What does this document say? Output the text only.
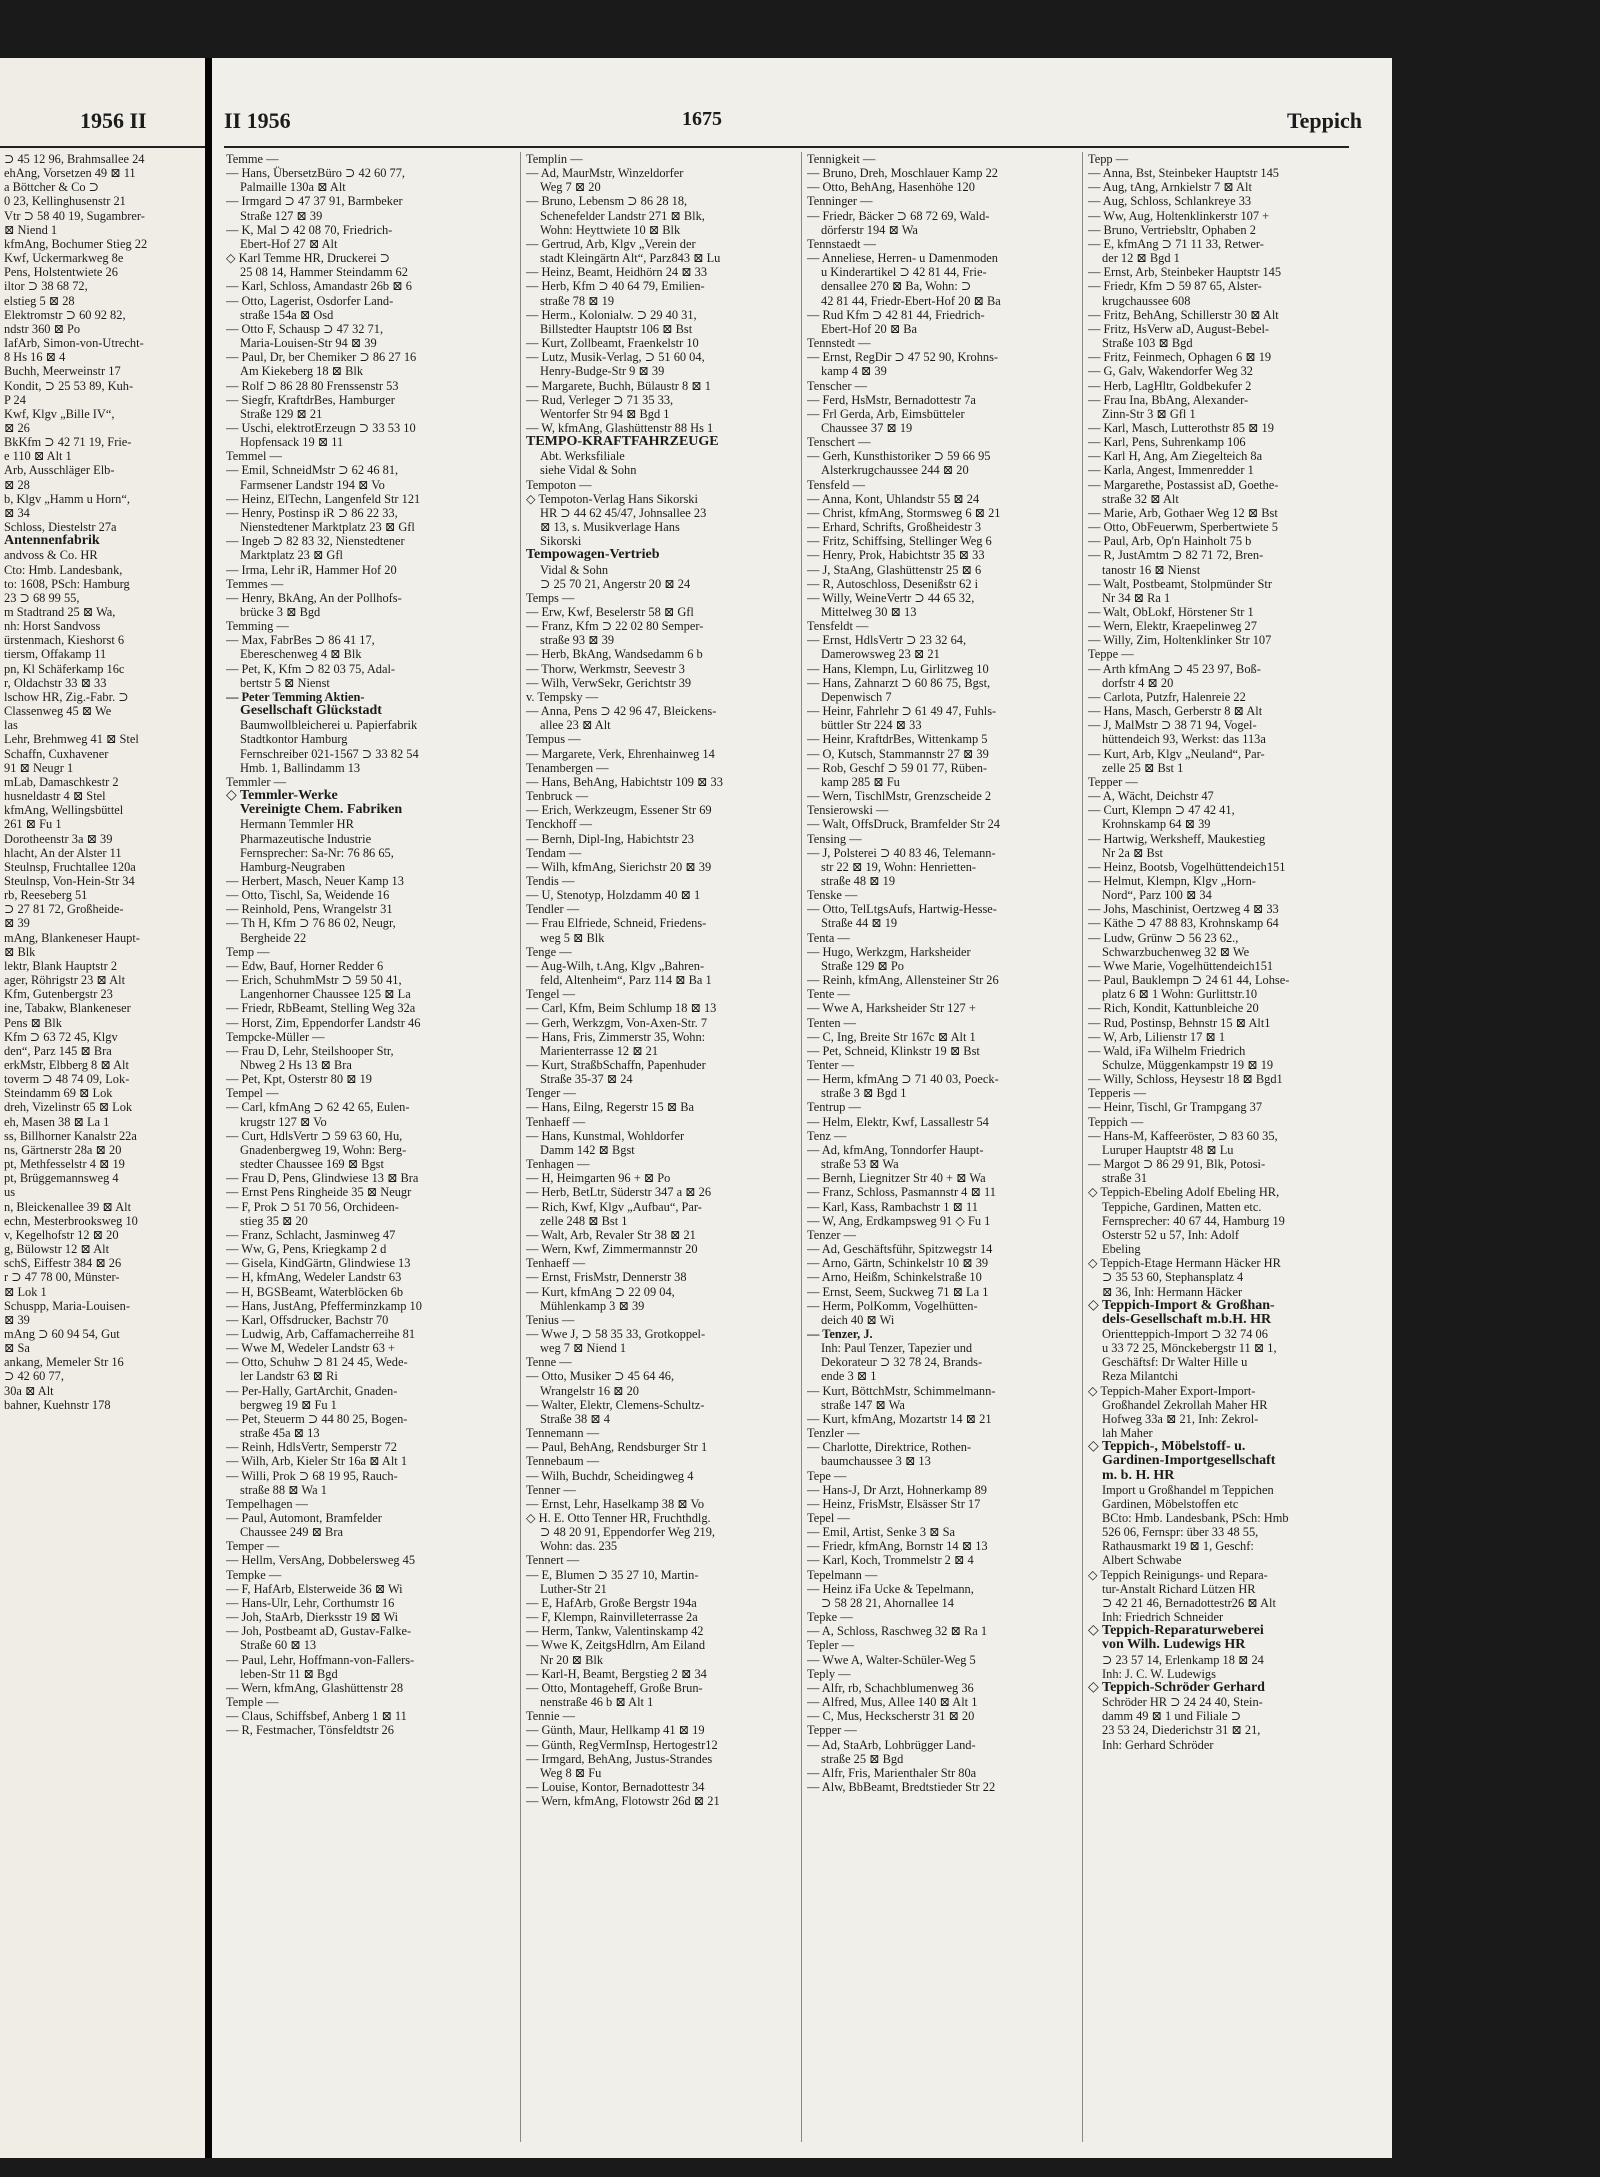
1956 II
⊃ 45 12 96, Brahmsallee 24
ehAng, Vorsetzen 49 ⊠ 11
a Böttcher & Co ⊃
0 23, Kellinghusenstr 21
Vtr ⊃ 58 40 19, Sugambrer-
⊠ Niend 1
kfmAng, Bochumer Stieg 22
Kwf, Uckermarkweg 8e
Pens, Holstentwiete 26
iltor ⊃ 38 68 72,
elstieg 5 ⊠ 28
Elektromstr ⊃ 60 92 82,
ndstr 360 ⊠ Po
IafArb, Simon-von-Utrecht-
8 Hs 16 ⊠ 4
Buchh, Meerweinstr 17
Kondit, ⊃ 25 53 89, Kuh-
P 24
Kwf, Klgv „Bille IV“,
⊠ 26
BkKfm ⊃ 42 71 19, Frie-
e 110 ⊠ Alt 1
Arb, Ausschläger Elb-
⊠ 28
b, Klgv „Hamm u Horn“,
⊠ 34
Schloss, Diestelstr 27a
Antennenfabrik
andvoss & Co. HR
Cto: Hmb. Landesbank,
to: 1608, PSch: Hamburg
23 ⊃ 68 99 55,
m Stadtrand 25 ⊠ Wa,
nh: Horst Sandvoss
ürstenmach, Kieshorst 6
tiersm, Offakamp 11
pn, Kl Schäferkamp 16c
r, Oldachstr 33 ⊠ 33
lschow HR, Zig.-Fabr. ⊃
Classenweg 45 ⊠ We
las
Lehr, Brehmweg 41 ⊠ Stel
Schaffn, Cuxhavener
91 ⊠ Neugr 1
mLab, Damaschkestr 2
husneldastr 4 ⊠ Stel
kfmAng, Wellingsbüttel
261 ⊠ Fu 1
Dorotheenstr 3a ⊠ 39
hlacht, An der Alster 11
Steulnsp, Fruchtallee 120a
Steulnsp, Von-Hein-Str 34
rb, Reeseberg 51
⊃ 27 81 72, Großheide-
⊠ 39
mAng, Blankeneser Haupt-
⊠ Blk
lektr, Blank Hauptstr 2
ager, Röhrigstr 23 ⊠ Alt
Kfm, Gutenbergstr 23
ine, Tabakw, Blankeneser
Pens ⊠ Blk
Kfm ⊃ 63 72 45, Klgv
den“, Parz 145 ⊠ Bra
erkMstr, Elbberg 8 ⊠ Alt
toverm ⊃ 48 74 09, Lok-
Steindamm 69 ⊠ Lok
dreh, Vizelinstr 65 ⊠ Lok
eh, Masen 38 ⊠ La 1
ss, Billhorner Kanalstr 22a
ns, Gärtnerstr 28a ⊠ 20
pt, Methfesselstr 4 ⊠ 19
pt, Brüggemannsweg 4
us
n, Bleickenallee 39 ⊠ Alt
echn, Mesterbrooksweg 10
v, Kegelhofstr 12 ⊠ 20
g, Bülowstr 12 ⊠ Alt
schS, Eiffestr 384 ⊠ 26
r ⊃ 47 78 00, Münster-
⊠ Lok 1
Schuspp, Maria-Louisen-
⊠ 39
mAng ⊃ 60 94 54, Gut
⊠ Sa
ankang, Memeler Str 16
⊃ 42 60 77,
30a ⊠ Alt
bahner, Kuehnstr 178
II 1956	1675	Teppich
Temme —
— Hans, ÜbersetzBüro ⊃ 42 60 77,
Palmaille 130a ⊠ Alt
— Irmgard ⊃ 47 37 91, Barmbeker
Straße 127 ⊠ 39
— K, Mal ⊃ 42 08 70, Friedrich-
Ebert-Hof 27 ⊠ Alt
◇ Karl Temme HR, Druckerei ⊃
25 08 14, Hammer Steindamm 62
— Karl, Schloss, Amandastr 26b ⊠ 6
— Otto, Lagerist, Osdorfer Land-
straße 154a ⊠ Osd
— Otto F, Schausp ⊃ 47 32 71,
Maria-Louisen-Str 94 ⊠ 39
— Paul, Dr, ber Chemiker ⊃ 86 27 16
Am Kiekeberg 18 ⊠ Blk
— Rolf ⊃ 86 28 80 Frenssenstr 53
— Siegfr, KraftdrBes, Hamburger
Straße 129 ⊠ 21
— Uschi, elektrotErzeugn ⊃ 33 53 10
Hopfensack 19 ⊠ 11
Temmel —
— Emil, SchneidMstr ⊃ 62 46 81,
Farmsener Landstr 194 ⊠ Vo
— Heinz, ElTechn, Langenfeld Str 121
— Henry, Postinsp iR ⊃ 86 22 33,
Nienstedtener Marktplatz 23 ⊠ Gfl
— Ingeb ⊃ 82 83 32, Nienstedtener
Marktplatz 23 ⊠ Gfl
— Irma, Lehr iR, Hammer Hof 20
Temmes —
— Henry, BkAng, An der Pollhofs-
brücke 3 ⊠ Bgd
Temming —
— Max, FabrBes ⊃ 86 41 17,
Ebereschenweg 4 ⊠ Blk
— Pet, K, Kfm ⊃ 82 03 75, Adal-
bertstr 5 ⊠ Nienst
— Peter Temming Aktien-
Gesellschaft Glückstadt
Baumwollbleicherei u. Papierfabrik
Stadtkontor Hamburg
Fernschreiber 021-1567 ⊃ 33 82 54
Hmb. 1, Ballindamm 13
Temmler —
◇ Temmler-Werke
Vereinigte Chem. Fabriken
Hermann Temmler HR
Pharmazeutische Industrie
Fernsprecher: Sa-Nr: 76 86 65,
Hamburg-Neugraben
— Herbert, Masch, Neuer Kamp 13
— Otto, Tischl, Sa, Weidende 16
— Reinhold, Pens, Wrangelstr 31
— Th H, Kfm ⊃ 76 86 02, Neugr,
Bergheide 22
Temp —
— Edw, Bauf, Horner Redder 6
— Erich, SchuhmMstr ⊃ 59 50 41,
Langenhorner Chaussee 125 ⊠ La
— Friedr, RbBeamt, Stelling Weg 32a
— Horst, Zim, Eppendorfer Landstr 46
Tempcke-Müller —
— Frau D, Lehr, Steilshooper Str,
Nbweg 2 Hs 13 ⊠ Bra
— Pet, Kpt, Osterstr 80 ⊠ 19
Tempel —
— Carl, kfmAng ⊃ 62 42 65, Eulen-
krugstr 127 ⊠ Vo
— Curt, HdlsVertr ⊃ 59 63 60, Hu,
Gnadenbergweg 19, Wohn: Berg-
stedter Chaussee 169 ⊠ Bgst
— Frau D, Pens, Glindwiese 13 ⊠ Bra
— Ernst Pens Ringheide 35 ⊠ Neugr
— F, Prok ⊃ 51 70 56, Orchideen-
stieg 35 ⊠ 20
— Franz, Schlacht, Jasminweg 47
— Ww, G, Pens, Kriegkamp 2 d
— Gisela, KindGärtn, Glindwiese 13
— H, kfmAng, Wedeler Landstr 63
— H, BGSBeamt, Waterblöcken 6b
— Hans, JustAng, Pfefferminzkamp 10
— Karl, Offsdrucker, Bachstr 70
— Ludwig, Arb, Caffamacherreihe 81
— Wwe M, Wedeler Landstr 63 +
— Otto, Schuhw ⊃ 81 24 45, Wede-
ler Landstr 63 ⊠ Ri
— Per-Hally, GartArchit, Gnaden-
bergweg 19 ⊠ Fu 1
— Pet, Steuerm ⊃ 44 80 25, Bogen-
straße 45a ⊠ 13
— Reinh, HdlsVertr, Semperstr 72
— Wilh, Arb, Kieler Str 16a ⊠ Alt 1
— Willi, Prok ⊃ 68 19 95, Rauch-
straße 88 ⊠ Wa 1
Tempelhagen —
— Paul, Automont, Bramfelder
Chaussee 249 ⊠ Bra
Temper —
— Hellm, VersAng, Dobbelersweg 45
Tempke —
— F, HafArb, Elsterweide 36 ⊠ Wi
— Hans-Ulr, Lehr, Corthumstr 16
— Joh, StaArb, Dierksstr 19 ⊠ Wi
— Joh, Postbeamt aD, Gustav-Falke-
Straße 60 ⊠ 13
— Paul, Lehr, Hoffmann-von-Fallers-
leben-Str 11 ⊠ Bgd
— Wern, kfmAng, Glashüttenstr 28
Temple —
— Claus, Schiffsbef, Anberg 1 ⊠ 11
— R, Festmacher, Tönsfeldtstr 26
Templin —
— Ad, MaurMstr, Winzeldorfer
Weg 7 ⊠ 20
— Bruno, Lebensm ⊃ 86 28 18,
Schenefelder Landstr 271 ⊠ Blk,
Wohn: Heyttwiete 10 ⊠ Blk
— Gertrud, Arb, Klgv „Verein der
stadt Kleingärtn Alt“, Parz843 ⊠ Lu
— Heinz, Beamt, Heidhörn 24 ⊠ 33
— Herb, Kfm ⊃ 40 64 79, Emilien-
straße 78 ⊠ 19
— Herm., Kolonialw. ⊃ 29 40 31,
Billstedter Hauptstr 106 ⊠ Bst
— Kurt, Zollbeamt, Fraenkelstr 10
— Lutz, Musik-Verlag, ⊃ 51 60 04,
Henry-Budge-Str 9 ⊠ 39
— Margarete, Buchh, Bülaustr 8 ⊠ 1
— Rud, Verleger ⊃ 71 35 33,
Wentorfer Str 94 ⊠ Bgd 1
— W, kfmAng, Glashüttenstr 88 Hs 1
TEMPO-KRAFTFAHRZEUGE
Abt. Werksfiliale
siehe Vidal & Sohn
Tempoton —
◇ Tempoton-Verlag Hans Sikorski
HR ⊃ 44 62 45/47, Johnsallee 23
⊠ 13, s. Musikverlage Hans
Sikorski
Tempowagen-Vertrieb
Vidal & Sohn
⊃ 25 70 21, Angerstr 20 ⊠ 24
Temps —
— Erw, Kwf, Beselerstr 58 ⊠ Gfl
— Franz, Kfm ⊃ 22 02 80 Semper-
straße 93 ⊠ 39
— Herb, BkAng, Wandsedamm 6 b
— Thorw, Werkmstr, Seevestr 3
— Wilh, VerwSekr, Gerichtstr 39
v. Tempsky —
— Anna, Pens ⊃ 42 96 47, Bleickens-
allee 23 ⊠ Alt
Tempus —
— Margarete, Verk, Ehrenhainweg 14
Tenambergen —
— Hans, BehAng, Habichtstr 109 ⊠ 33
Tenbruck —
— Erich, Werkzeugm, Essener Str 69
Tenckhoff —
— Bernh, Dipl-Ing, Habichtstr 23
Tendam —
— Wilh, kfmAng, Sierichstr 20 ⊠ 39
Tendis —
— U, Stenotyp, Holzdamm 40 ⊠ 1
Tendler —
— Frau Elfriede, Schneid, Friedens-
weg 5 ⊠ Blk
Tenge —
— Aug-Wilh, t.Ang, Klgv „Bahren-
feld, Altenheim“, Parz 114 ⊠ Ba 1
Tengel —
— Carl, Kfm, Beim Schlump 18 ⊠ 13
— Gerh, Werkzgm, Von-Axen-Str. 7
— Hans, Fris, Zimmerstr 35, Wohn:
Marienterrasse 12 ⊠ 21
— Kurt, StraßbSchaffn, Papenhuder
Straße 35-37 ⊠ 24
Tenger —
— Hans, Eilng, Regerstr 15 ⊠ Ba
Tenhaeff —
— Hans, Kunstmal, Wohldorfer
Damm 142 ⊠ Bgst
Tenhagen —
— H, Heimgarten 96 + ⊠ Po
— Herb, BetLtr, Süderstr 347 a ⊠ 26
— Rich, Kwf, Klgv „Aufbau“, Par-
zelle 248 ⊠ Bst 1
— Walt, Arb, Revaler Str 38 ⊠ 21
— Wern, Kwf, Zimmermannstr 20
Tenhaeff —
— Ernst, FrisMstr, Dennerstr 38
— Kurt, kfmAng ⊃ 22 09 04,
Mühlenkamp 3 ⊠ 39
Tenius —
— Wwe J, ⊃ 58 35 33, Grotkoppel-
weg 7 ⊠ Niend 1
Tenne —
— Otto, Musiker ⊃ 45 64 46,
Wrangelstr 16 ⊠ 20
— Walter, Elektr, Clemens-Schultz-
Straße 38 ⊠ 4
Tennemann —
— Paul, BehAng, Rendsburger Str 1
Tennebaum —
— Wilh, Buchdr, Scheidingweg 4
Tenner —
— Ernst, Lehr, Haselkamp 38 ⊠ Vo
◇ H. E. Otto Tenner HR, Fruchthdlg.
⊃ 48 20 91, Eppendorfer Weg 219,
Wohn: das. 235
Tennert —
— E, Blumen ⊃ 35 27 10, Martin-
Luther-Str 21
— E, HafArb, Große Bergstr 194a
— F, Klempn, Rainvilleterrasse 2a
— Herm, Tankw, Valentinskamp 42
— Wwe K, ZeitgsHdlrn, Am Eiland
Nr 20 ⊠ Blk
— Karl-H, Beamt, Bergstieg 2 ⊠ 34
— Otto, Montageheff, Große Brun-
nenstraße 46 b ⊠ Alt 1
Tennie —
— Günth, Maur, Hellkamp 41 ⊠ 19
— Günth, RegVermInsp, Hertogestr12
— Irmgard, BehAng, Justus-Strandes
Weg 8 ⊠ Fu
— Louise, Kontor, Bernadottestr 34
— Wern, kfmAng, Flotowstr 26d ⊠ 21
Tennigkeit —
— Bruno, Dreh, Moschlauer Kamp 22
— Otto, BehAng, Hasenhöhe 120
Tenninger —
— Friedr, Bäcker ⊃ 68 72 69, Wald-
dörferstr 194 ⊠ Wa
Tennstaedt —
— Anneliese, Herren- u Damenmoden
u Kinderartikel ⊃ 42 81 44, Frie-
densallee 270 ⊠ Ba, Wohn: ⊃
42 81 44, Friedr-Ebert-Hof 20 ⊠ Ba
— Rud Kfm ⊃ 42 81 44, Friedrich-
Ebert-Hof 20 ⊠ Ba
Tennstedt —
— Ernst, RegDir ⊃ 47 52 90, Krohns-
kamp 4 ⊠ 39
Tenscher —
— Ferd, HsMstr, Bernadottestr 7a
— Frl Gerda, Arb, Eimsbütteler
Chaussee 37 ⊠ 19
Tenschert —
— Gerh, Kunsthistoriker ⊃ 59 66 95
Alsterkrugchaussee 244 ⊠ 20
Tensfeld —
— Anna, Kont, Uhlandstr 55 ⊠ 24
— Christ, kfmAng, Stormsweg 6 ⊠ 21
— Erhard, Schrifts, Großheidestr 3
— Fritz, Schiffsing, Stellinger Weg 6
— Henry, Prok, Habichtstr 35 ⊠ 33
— J, StaAng, Glashüttenstr 25 ⊠ 6
— R, Autoschloss, Desenißstr 62 i
— Willy, WeineVertr ⊃ 44 65 32,
Mittelweg 30 ⊠ 13
Tensfeldt —
— Ernst, HdlsVertr ⊃ 23 32 64,
Damerowsweg 23 ⊠ 21
— Hans, Klempn, Lu, Girlitzweg 10
— Hans, Zahnarzt ⊃ 60 86 75, Bgst,
Depenwisch 7
— Heinr, Fahrlehr ⊃ 61 49 47, Fuhls-
büttler Str 224 ⊠ 33
— Heinr, KraftdrBes, Wittenkamp 5
— O, Kutsch, Stammannstr 27 ⊠ 39
— Rob, Geschf ⊃ 59 01 77, Rüben-
kamp 285 ⊠ Fu
— Wern, TischlMstr, Grenzscheide 2
Tensierowski —
— Walt, OffsDruck, Bramfelder Str 24
Tensing —
— J, Polsterei ⊃ 40 83 46, Telemann-
str 22 ⊠ 19, Wohn: Henrietten-
straße 48 ⊠ 19
Tenske —
— Otto, TelLtgsAufs, Hartwig-Hesse-
Straße 44 ⊠ 19
Tenta —
— Hugo, Werkzgm, Harksheider
Straße 129 ⊠ Po
— Reinh, kfmAng, Allensteiner Str 26
Tente —
— Wwe A, Harksheider Str 127 +
Tenten —
— C, Ing, Breite Str 167c ⊠ Alt 1
— Pet, Schneid, Klinkstr 19 ⊠ Bst
Tenter —
— Herm, kfmAng ⊃ 71 40 03, Poeck-
straße 3 ⊠ Bgd 1
Tentrup —
— Helm, Elektr, Kwf, Lassallestr 54
Tenz —
— Ad, kfmAng, Tonndorfer Haupt-
straße 53 ⊠ Wa
— Bernh, Liegnitzer Str 40 + ⊠ Wa
— Franz, Schloss, Pasmannstr 4 ⊠ 11
— Karl, Kass, Rambachstr 1 ⊠ 11
— W, Ang, Erdkampsweg 91 ◇ Fu 1
Tenzer —
— Ad, Geschäftsführ, Spitzwegstr 14
— Arno, Gärtn, Schinkelstr 10 ⊠ 39
— Arno, Heißm, Schinkelstraße 10
— Ernst, Seem, Suckweg 71 ⊠ La 1
— Herm, PolKomm, Vogelhütten-
deich 40 ⊠ Wi
— Tenzer, J.
Inh: Paul Tenzer, Tapezier und
Dekorateur ⊃ 32 78 24, Brands-
ende 3 ⊠ 1
— Kurt, BöttchMstr, Schimmelmann-
straße 147 ⊠ Wa
— Kurt, kfmAng, Mozartstr 14 ⊠ 21
Tenzler —
— Charlotte, Direktrice, Rothen-
baumchaussee 3 ⊠ 13
Tepe —
— Hans-J, Dr Arzt, Hohnerkamp 89
— Heinz, FrisMstr, Elsässer Str 17
Tepel —
— Emil, Artist, Senke 3 ⊠ Sa
— Friedr, kfmAng, Bornstr 14 ⊠ 13
— Karl, Koch, Trommelstr 2 ⊠ 4
Tepelmann —
— Heinz iFa Ucke & Tepelmann,
⊃ 58 28 21, Ahornallee 14
Tepke —
— A, Schloss, Raschweg 32 ⊠ Ra 1
Tepler —
— Wwe A, Walter-Schüler-Weg 5
Teply —
— Alfr, rb, Schachblumenweg 36
— Alfred, Mus, Allee 140 ⊠ Alt 1
— C, Mus, Heckscherstr 31 ⊠ 20
Tepper —
— Ad, StaArb, Lohbrügger Land-
straße 25 ⊠ Bgd
— Alfr, Fris, Marienthaler Str 80a
— Alw, BbBeamt, Bredtstieder Str 22
Tepp —
— Anna, Bst, Steinbeker Hauptstr 145
— Aug, tAng, Arnkielstr 7 ⊠ Alt
— Aug, Schloss, Schlankreye 33
— Ww, Aug, Holtenklinkerstr 107 +
— Bruno, Vertriebsltr, Ophaben 2
— E, kfmAng ⊃ 71 11 33, Retwer-
der 12 ⊠ Bgd 1
— Ernst, Arb, Steinbeker Hauptstr 145
— Friedr, Kfm ⊃ 59 87 65, Alster-
krugchaussee 608
— Fritz, BehAng, Schillerstr 30 ⊠ Alt
— Fritz, HsVerw aD, August-Bebel-
Straße 103 ⊠ Bgd
— Fritz, Feinmech, Ophagen 6 ⊠ 19
— G, Galv, Wakendorfer Weg 32
— Herb, LagHltr, Goldbekufer 2
— Frau Ina, BbAng, Alexander-
Zinn-Str 3 ⊠ Gfl 1
— Karl, Masch, Lutterothstr 85 ⊠ 19
— Karl, Pens, Suhrenkamp 106
— Karl H, Ang, Am Ziegelteich 8a
— Karla, Angest, Immenredder 1
— Margarethe, Postassist aD, Goethe-
straße 32 ⊠ Alt
— Marie, Arb, Gothaer Weg 12 ⊠ Bst
— Otto, ObFeuerwm, Sperbertwiete 5
— Paul, Arb, Op'n Hainholt 75 b
— R, JustAmtm ⊃ 82 71 72, Bren-
tanostr 16 ⊠ Nienst
— Walt, Postbeamt, Stolpmünder Str
Nr 34 ⊠ Ra 1
— Walt, ObLokf, Hörstener Str 1
— Wern, Elektr, Kraepelinweg 27
— Willy, Zim, Holtenklinker Str 107
Teppe —
— Arth kfmAng ⊃ 45 23 97, Boß-
dorfstr 4 ⊠ 20
— Carlota, Putzfr, Halenreie 22
— Hans, Masch, Gerberstr 8 ⊠ Alt
— J, MalMstr ⊃ 38 71 94, Vogel-
hüttendeich 93, Werkst: das 113a
— Kurt, Arb, Klgv „Neuland“, Par-
zelle 25 ⊠ Bst 1
Tepper —
— A, Wächt, Deichstr 47
— Curt, Klempn ⊃ 47 42 41,
Krohnskamp 64 ⊠ 39
— Hartwig, Werksheff, Maukestieg
Nr 2a ⊠ Bst
— Heinz, Bootsb, Vogelhüttendeich151
— Helmut, Klempn, Klgv „Horn-
Nord“, Parz 100 ⊠ 34
— Johs, Maschinist, Oertzweg 4 ⊠ 33
— Käthe ⊃ 47 88 83, Krohnskamp 64
— Ludw, Grünw ⊃ 56 23 62.,
Schwarzbuchenweg 32 ⊠ We
— Wwe Marie, Vogelhüttendeich151
— Paul, Bauklempn ⊃ 24 61 44, Lohse-
platz 6 ⊠ 1 Wohn: Gurlittstr.10
— Rich, Kondit, Kattunbleiche 20
— Rud, Postinsp, Behnstr 15 ⊠ Alt1
— W, Arb, Lilienstr 17 ⊠ 1
— Wald, iFa Wilhelm Friedrich
Schulze, Müggenkampstr 19 ⊠ 19
— Willy, Schloss, Heysestr 18 ⊠ Bgd1
Tepperis —
— Heinr, Tischl, Gr Trampgang 37
Teppich —
— Hans-M, Kaffeeröster, ⊃ 83 60 35,
Luruper Hauptstr 48 ⊠ Lu
— Margot ⊃ 86 29 91, Blk, Potosi-
straße 31
◇ Teppich-Ebeling Adolf Ebeling HR,
Teppiche, Gardinen, Matten etc.
Fernsprecher: 40 67 44, Hamburg 19
Osterstr 52 u 57, Inh: Adolf
Ebeling
◇ Teppich-Etage Hermann Häcker HR
⊃ 35 53 60, Stephansplatz 4
⊠ 36, Inh: Hermann Häcker
◇ Teppich-Import & Großhan-
dels-Gesellschaft m.b.H. HR
Orientteppich-Import ⊃ 32 74 06
u 33 72 25, Mönckebergstr 11 ⊠ 1,
Geschäftsf: Dr Walter Hille u
Reza Milantchi
◇ Teppich-Maher Export-Import-
Großhandel Zekrollah Maher HR
Hofweg 33a ⊠ 21, Inh: Zekrol-
lah Maher
◇ Teppich-, Möbelstoff- u.
Gardinen-Importgesellschaft
m. b. H. HR
Import u Großhandel m Teppichen
Gardinen, Möbelstoffen etc
BCto: Hmb. Landesbank, PSch: Hmb
526 06, Fernspr: über 33 48 55,
Rathausmarkt 19 ⊠ 1, Geschf:
Albert Schwabe
◇ Teppich Reinigungs- und Repara-
tur-Anstalt Richard Lützen HR
⊃ 42 21 46, Bernadottestr26 ⊠ Alt
Inh: Friedrich Schneider
◇ Teppich-Reparaturweberei
von Wilh. Ludewigs HR
⊃ 23 57 14, Erlenkamp 18 ⊠ 24
Inh: J. C. W. Ludewigs
◇ Teppich-Schröder Gerhard
Schröder HR ⊃ 24 24 40, Stein-
damm 49 ⊠ 1 und Filiale ⊃
23 53 24, Diederichstr 31 ⊠ 21,
Inh: Gerhard Schröder
